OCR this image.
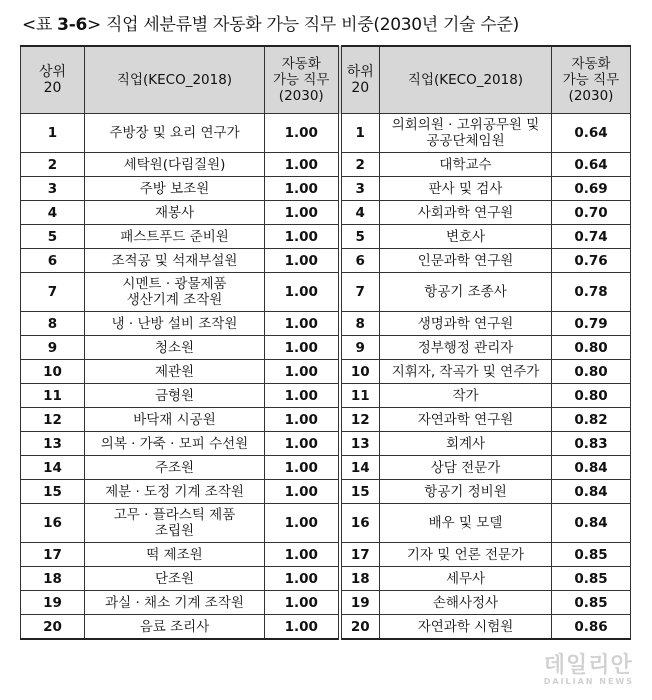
<표 3-6> 직업 세분류별 자동화 가능 직무 비중(2030년 기술 수준)
상위
20	직업(KECO_2018)	자동화
가능 직무
(2030)	하위
20	직업(KECO_2018)	자동화
가능 직무
(2030)
1	주방장 및 요리 연구가	1.00	1	의회의원 · 고위공무원 및
공공단체임원	0.64
2	세탁원(다림질원)	1.00	2	대학교수	0.64
3	주방 보조원	1.00	3	판사 및 검사	0.69
4	재봉사	1.00	4	사회과학 연구원	0.70
5	패스트푸드 준비원	1.00	5	변호사	0.74
6	조적공 및 석재부설원	1.00	6	인문과학 연구원	0.76
7	시멘트 · 광물제품
생산기계 조작원	1.00	7	항공기 조종사	0.78
8	냉 · 난방 설비 조작원	1.00	8	생명과학 연구원	0.79
9	청소원	1.00	9	정부행정 관리자	0.80
10	제관원	1.00	10	지휘자, 작곡가 및 연주가	0.80
11	금형원	1.00	11	작가	0.80
12	바닥재 시공원	1.00	12	자연과학 연구원	0.82
13	의복 · 가죽 · 모피 수선원	1.00	13	회계사	0.83
14	주조원	1.00	14	상담 전문가	0.84
15	제분 · 도정 기계 조작원	1.00	15	항공기 정비원	0.84
16	고무 · 플라스틱 제품
조립원	1.00	16	배우 및 모델	0.84
17	떡 제조원	1.00	17	기자 및 언론 전문가	0.85
18	단조원	1.00	18	세무사	0.85
19	과실 · 채소 기계 조작원	1.00	19	손해사정사	0.85
20	음료 조리사	1.00	20	자연과학 시험원	0.86
데일리안
DAILIAN NEWS
